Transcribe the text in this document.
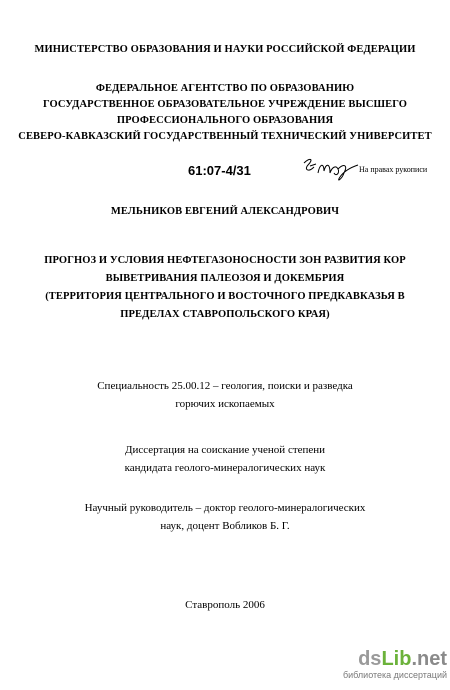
МИНИСТЕРСТВО ОБРАЗОВАНИЯ И НАУКИ РОССИЙСКОЙ ФЕДЕРАЦИИ
ФЕДЕРАЛЬНОЕ АГЕНТСТВО ПО ОБРАЗОВАНИЮ
ГОСУДАРСТВЕННОЕ ОБРАЗОВАТЕЛЬНОЕ УЧРЕЖДЕНИЕ ВЫСШЕГО
ПРОФЕССИОНАЛЬНОГО ОБРАЗОВАНИЯ
СЕВЕРО-КАВКАЗСКИЙ ГОСУДАРСТВЕННЫЙ ТЕХНИЧЕСКИЙ УНИВЕРСИТЕТ
61:07-4/31	На правах рукописи
МЕЛЬНИКОВ ЕВГЕНИЙ АЛЕКСАНДРОВИЧ
ПРОГНОЗ И УСЛОВИЯ НЕФТЕГАЗОНОСНОСТИ ЗОН РАЗВИТИЯ КОР
ВЫВЕТРИВАНИЯ ПАЛЕОЗОЯ И ДОКЕМБРИЯ
(ТЕРРИТОРИЯ ЦЕНТРАЛЬНОГО И ВОСТОЧНОГО ПРЕДКАВКАЗЬЯ В
ПРЕДЕЛАХ СТАВРОПОЛЬСКОГО КРАЯ)
Специальность 25.00.12 – геология, поиски и разведка
горючих ископаемых
Диссертация на соискание ученой степени
кандидата геолого-минералогических наук
Научный руководитель – доктор геолого-минералогических
наук, доцент Вобликов Б. Г.
Ставрополь 2006
dsLib.net
библиотека диссертаций
